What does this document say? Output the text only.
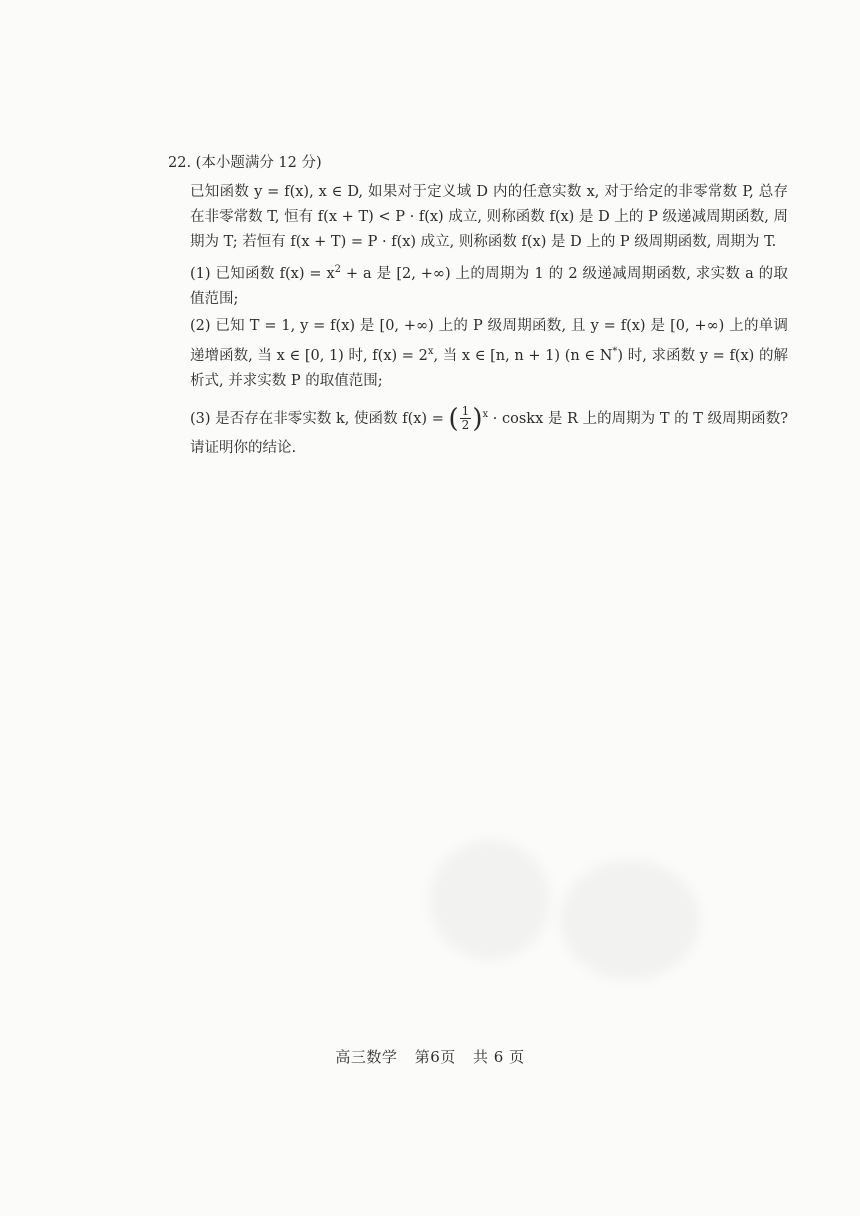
22. (本小题满分 12 分)

已知函数 y = f(x), x ∈ D, 如果对于定义域 D 内的任意实数 x, 对于给定的非零常数 P, 总存在非零常数 T, 恒有 f(x + T) < P · f(x) 成立, 则称函数 f(x) 是 D 上的 P 级递减周期函数, 周期为 T; 若恒有 f(x + T) = P · f(x) 成立, 则称函数 f(x) 是 D 上的 P 级周期函数, 周期为 T.

(1) 已知函数 $f(x) = x^2 + a$ 是 [2, +∞) 上的周期为 1 的 2 级递减周期函数, 求实数 a 的取值范围;

(2) 已知 T = 1, y = f(x) 是 [0, +∞) 上的 P 级周期函数, 且 y = f(x) 是 [0, +∞) 上的单调递增函数, 当 x ∈ [0, 1) 时, $f(x) = 2^x$, 当 x ∈ [n, n + 1) (n ∈ N*) 时, 求函数 y = f(x) 的解析式, 并求实数 P 的取值范围;

(3) 是否存在非零实数 k, 使函数 f(x) = ( $\frac{1}{2} )^x$ · coskx 是 R 上的周期为 T 的 T 级周期函数? 请证明你的结论.

高三数学 第6页 共 6 页
